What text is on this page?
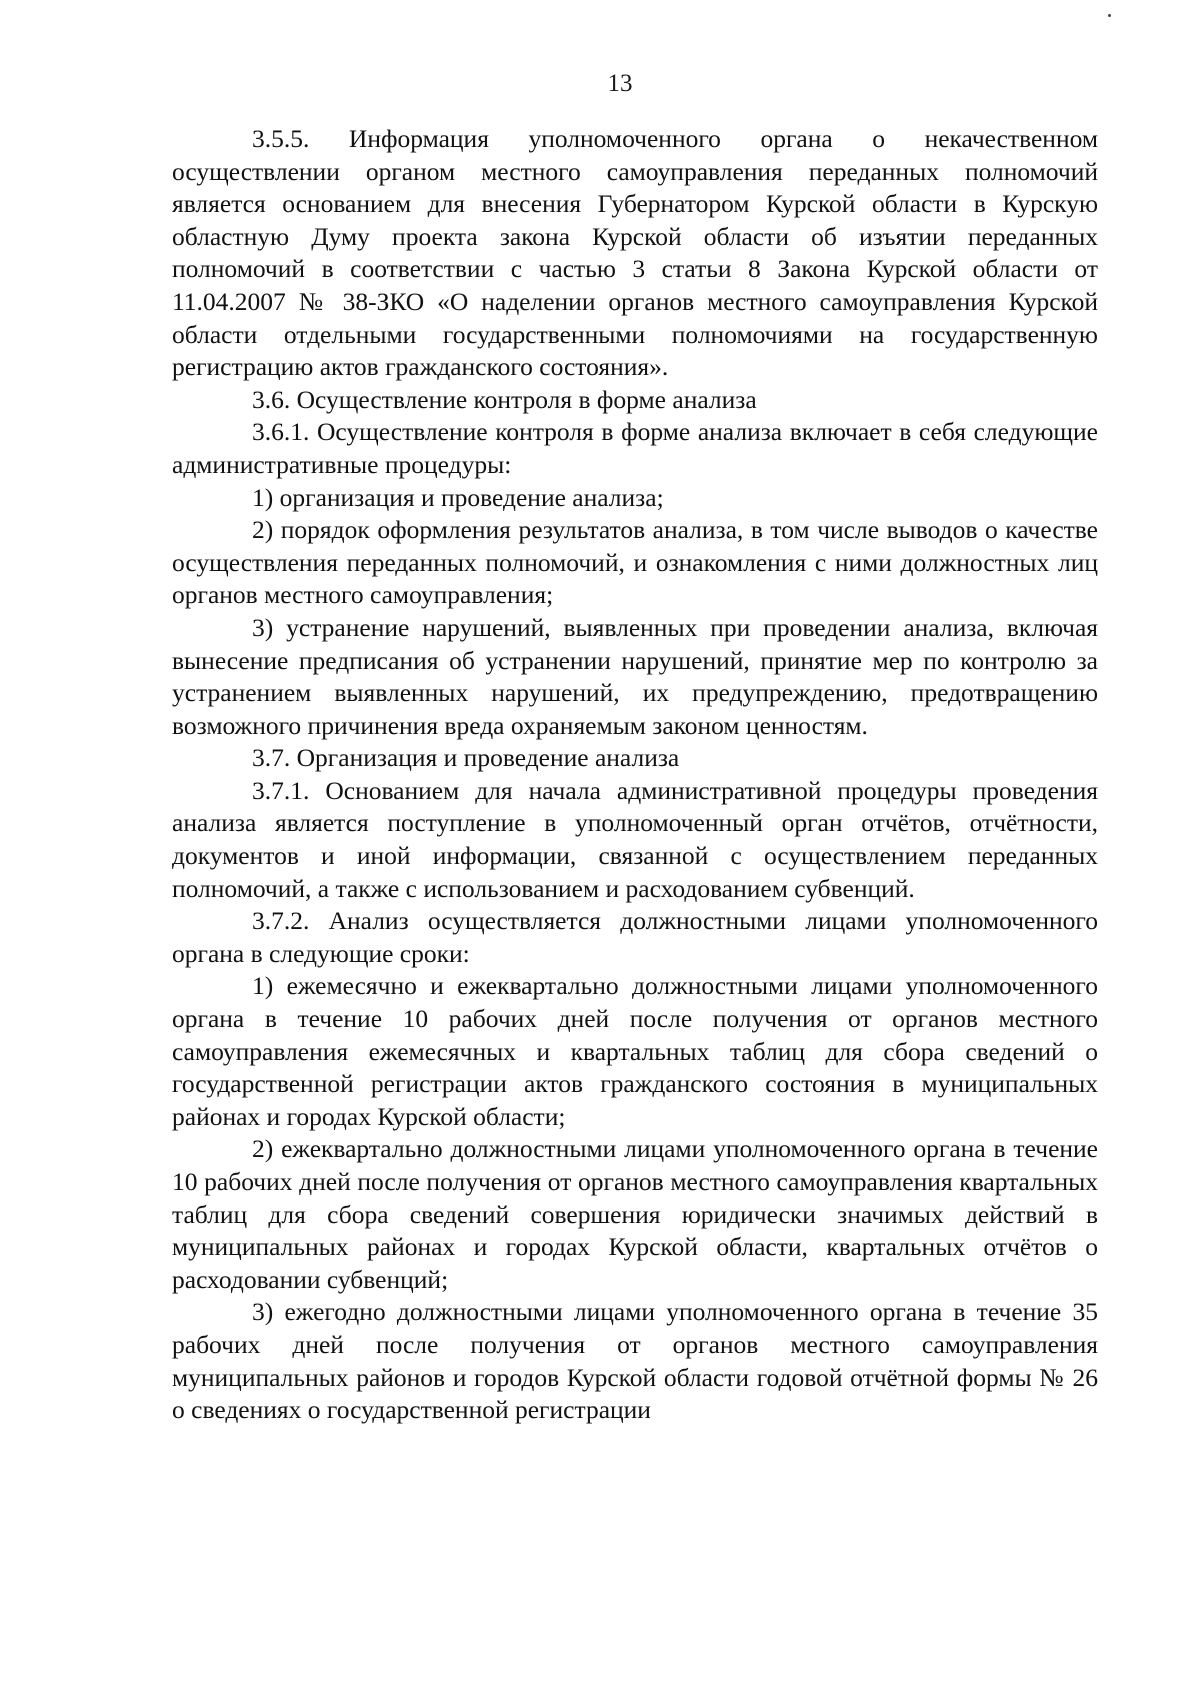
13

3.5.5. Информация уполномоченного органа о некачественном осуществлении органом местного самоуправления переданных полномочий является основанием для внесения Губернатором Курской области в Курскую областную Думу проекта закона Курской области об изъятии переданных полномочий в соответствии с частью 3 статьи 8 Закона Курской области от 11.04.2007 № 38-ЗКО «О наделении органов местного самоуправления Курской области отдельными государственными полномочиями на государственную регистрацию актов гражданского состояния».

3.6. Осуществление контроля в форме анализа

3.6.1. Осуществление контроля в форме анализа включает в себя следующие административные процедуры:

1) организация и проведение анализа;

2) порядок оформления результатов анализа, в том числе выводов о качестве осуществления переданных полномочий, и ознакомления с ними должностных лиц органов местного самоуправления;

3) устранение нарушений, выявленных при проведении анализа, включая вынесение предписания об устранении нарушений, принятие мер по контролю за устранением выявленных нарушений, их предупреждению, предотвращению возможного причинения вреда охраняемым законом ценностям.

3.7. Организация и проведение анализа

3.7.1. Основанием для начала административной процедуры проведения анализа является поступление в уполномоченный орган отчётов, отчётности, документов и иной информации, связанной с осуществлением переданных полномочий, а также с использованием и расходованием субвенций.

3.7.2. Анализ осуществляется должностными лицами уполномоченного органа в следующие сроки:

1) ежемесячно и ежеквартально должностными лицами уполномоченного органа в течение 10 рабочих дней после получения от органов местного самоуправления ежемесячных и квартальных таблиц для сбора сведений о государственной регистрации актов гражданского состояния в муниципальных районах и городах Курской области;

2) ежеквартально должностными лицами уполномоченного органа в течение 10 рабочих дней после получения от органов местного самоуправления квартальных таблиц для сбора сведений совершения юридически значимых действий в муниципальных районах и городах Курской области, квартальных отчётов о расходовании субвенций;

3) ежегодно должностными лицами уполномоченного органа в течение 35 рабочих дней после получения от органов местного самоуправления муниципальных районов и городов Курской области годовой отчётной формы № 26 о сведениях о государственной регистрации
